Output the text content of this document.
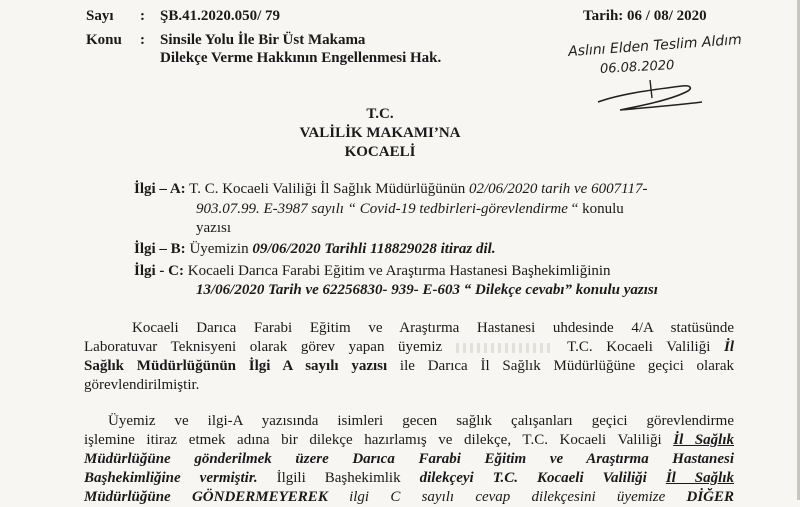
Sayı : ŞB.41.2020.050/ 79
Konu : Sinsile Yolu İle Bir Üst Makama
Dilekçe Verme Hakkının Engellenmesi Hak.
Tarih: 06 / 08/ 2020
Aslını Elden Teslim Aldım
06.08.2020
T.C.
VALİLİK MAKAMI’NA
KOCAELİ
İlgi – A: T. C. Kocaeli Valiliği İl Sağlık Müdürlüğünün 02/06/2020 tarih ve 6007117-
903.07.99. E-3987 sayılı “ Covid-19 tedbirleri-görevlendirme “ konulu
yazısı
İlgi – B: Üyemizin 09/06/2020 Tarihli 118829028 itiraz dil.
İlgi - C: Kocaeli Darıca Farabi Eğitim ve Araştırma Hastanesi Başhekimliğinin
13/06/2020 Tarih ve 62256830- 939- E-603 “ Dilekçe cevabı” konulu yazısı
Kocaeli Darıca Farabi Eğitim ve Araştırma Hastanesi uhdesinde 4/A statüsünde
Laboratuvar Teknisyeni olarak görev yapan üyemiz	T.C. Kocaeli Valiliği İl
Sağlık Müdürlüğünün İlgi A sayılı yazısı ile Darıca İl Sağlık Müdürlüğüne geçici olarak
görevlendirilmiştir.
Üyemiz ve ilgi-A yazısında isimleri gecen sağlık çalışanları geçici görevlendirme
işlemine itiraz etmek adına bir dilekçe hazırlamış ve dilekçe, T.C. Kocaeli Valiliği İl Sağlık
Müdürlüğüne gönderilmek üzere Darıca Farabi Eğitim ve Araştırma Hastanesi
Başhekimliğine vermiştir. İlgili Başhekimlik dilekçeyi T.C. Kocaeli Valiliği İl Sağlık
Müdürlüğüne GÖNDERMEYEREK ilgi C sayılı cevap dilekçesini üyemize DİĞER
